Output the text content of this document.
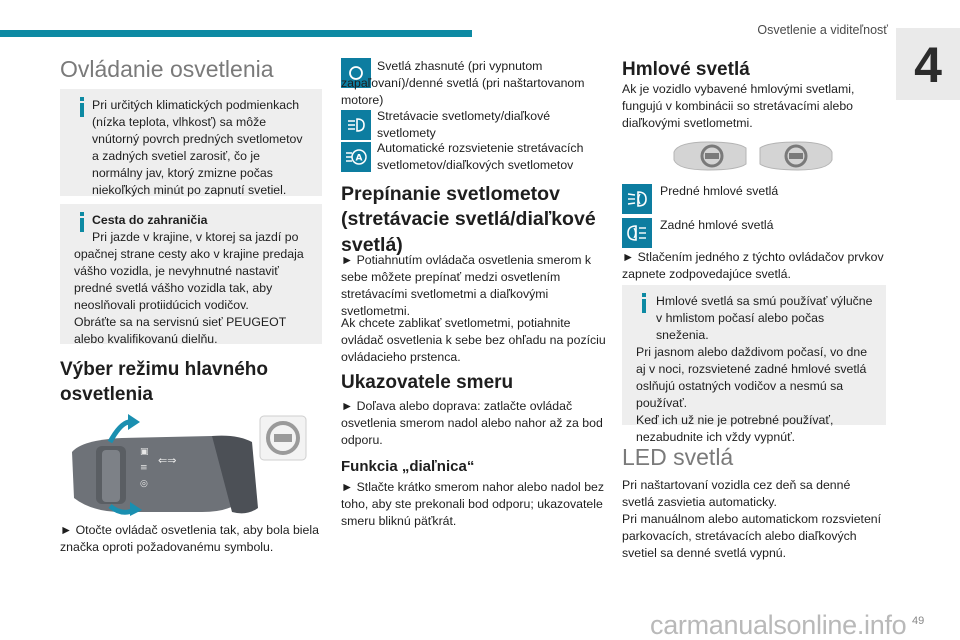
Osvetlenie a viditeľnosť
4
Ovládanie osvetlenia
Pri určitých klimatických podmienkach (nízka teplota, vlhkosť) sa môže vnútorný povrch predných svetlometov a zadných svetiel zarosiť, čo je normálny jav, ktorý zmizne počas niekoľkých minút po zapnutí svetiel.
Cesta do zahraničia
Pri jazde v krajine, v ktorej sa jazdí po opačnej strane cesty ako v krajine predaja vášho vozidla, je nevyhnutné nastaviť predné svetlá vášho vozidla tak, aby neoslňovali protiidúcich vodičov.
Obráťte sa na servisnú sieť PEUGEOT alebo kvalifikovanú dielňu.
Výber režimu hlavného osvetlenia
▣
≡
⇐⇒
◎
► Otočte ovládač osvetlenia tak, aby bola biela značka oproti požadovanému symbolu.
Svetlá zhasnuté (pri vypnutom zapaľovaní)/denné svetlá (pri naštartovanom motore)
Stretávacie svetlomety/diaľkové svetlomety
A
Automatické rozsvietenie stretávacích svetlometov/diaľkových svetlometov
Prepínanie svetlometov (stretávacie svetlá/diaľkové svetlá)
► Potiahnutím ovládača osvetlenia smerom k sebe môžete prepínať medzi osvetlením stretávacími svetlometmi a diaľkovými svetlometmi.
Ak chcete zablikať svetlometmi, potiahnite ovládač osvetlenia k sebe bez ohľadu na pozíciu ovládacieho prstenca.
Ukazovatele smeru
► Doľava alebo doprava: zatlačte ovládač osvetlenia smerom nadol alebo nahor až za bod odporu.
Funkcia „diaľnica“
► Stlačte krátko smerom nahor alebo nadol bez toho, aby ste prekonali bod odporu; ukazovatele smeru bliknú päťkrát.
Hmlové svetlá
Ak je vozidlo vybavené hmlovými svetlami, fungujú v kombinácii so stretávacími alebo diaľkovými svetlometmi.
Predné hmlové svetlá
Zadné hmlové svetlá
► Stlačením jedného z týchto ovládačov prvkov zapnete zodpovedajúce svetlá.
Hmlové svetlá sa smú používať výlučne v hmlistom počasí alebo počas sneženia.
Pri jasnom alebo daždivom počasí, vo dne aj v noci, rozsvietené zadné hmlové svetlá oslňujú ostatných vodičov a nesmú sa používať.
Keď ich už nie je potrebné používať, nezabudnite ich vždy vypnúť.
LED svetlá
Pri naštartovaní vozidla cez deň sa denné svetlá zasvietia automaticky.
Pri manuálnom alebo automatickom rozsvietení parkovacích, stretávacích alebo diaľkových svetiel sa denné svetlá vypnú.
carmanualsonline.info 49
